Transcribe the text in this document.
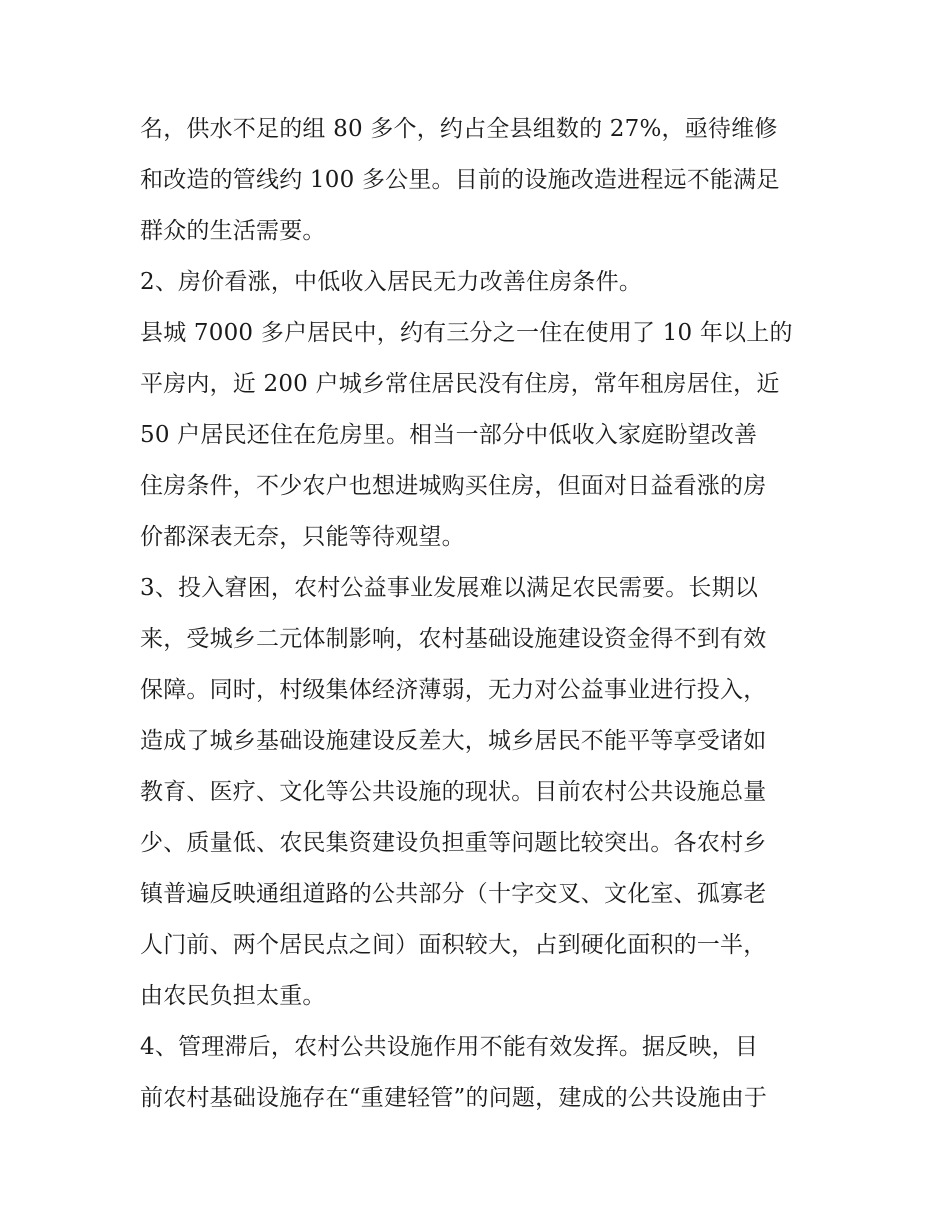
名，供水不足的组 80 多个，约占全县组数的 27%，亟待维修
和改造的管线约 100 多公里。目前的设施改造进程远不能满足
群众的生活需要。
2、房价看涨，中低收入居民无力改善住房条件。
县城 7000 多户居民中，约有三分之一住在使用了 10 年以上的
平房内，近 200 户城乡常住居民没有住房，常年租房居住，近
50 户居民还住在危房里。相当一部分中低收入家庭盼望改善
住房条件，不少农户也想进城购买住房，但面对日益看涨的房
价都深表无奈，只能等待观望。
3、投入窘困，农村公益事业发展难以满足农民需要。长期以
来，受城乡二元体制影响，农村基础设施建设资金得不到有效
保障。同时，村级集体经济薄弱，无力对公益事业进行投入，
造成了城乡基础设施建设反差大，城乡居民不能平等享受诸如
教育、医疗、文化等公共设施的现状。目前农村公共设施总量
少、质量低、农民集资建设负担重等问题比较突出。各农村乡
镇普遍反映通组道路的公共部分（十字交叉、文化室、孤寡老
人门前、两个居民点之间）面积较大，占到硬化面积的一半，
由农民负担太重。
4、管理滞后，农村公共设施作用不能有效发挥。据反映，目
前农村基础设施存在“重建轻管”的问题，建成的公共设施由于
